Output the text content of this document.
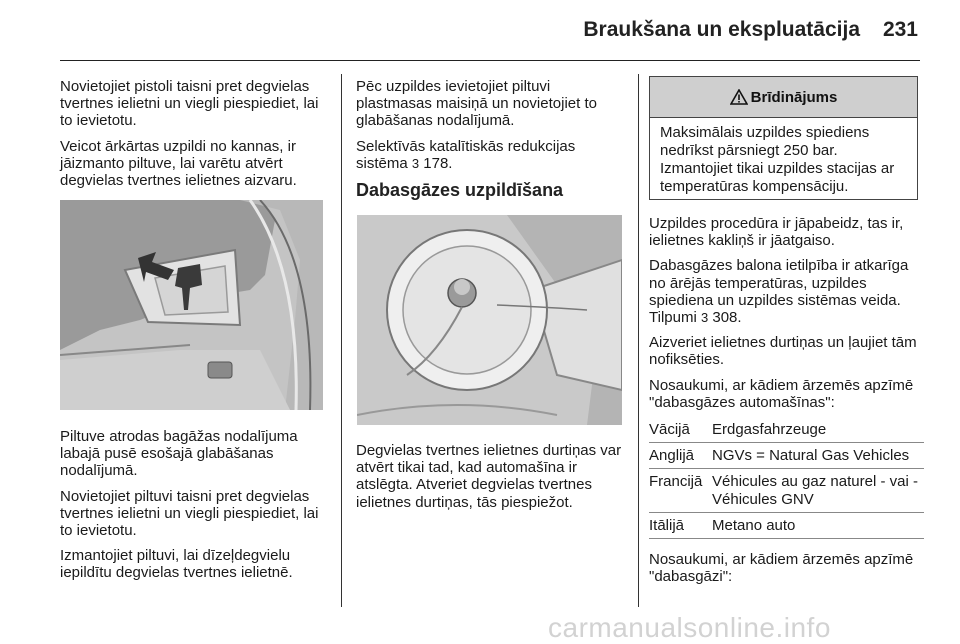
Braukšana un ekspluatācija	231

Novietojiet pistoli taisni pret degvielas tvertnes ielietni un viegli piespiediet, lai to ievietotu.

Veicot ārkārtas uzpildi no kannas, ir jāizmanto piltuve, lai varētu atvērt degvielas tvertnes ielietnes aizvaru.

Piltuve atrodas bagāžas nodalījuma labajā pusē esošajā glabāšanas nodalījumā.

Novietojiet piltuvi taisni pret degvielas tvertnes ielietni un viegli piespiediet, lai to ievietotu.

Izmantojiet piltuvi, lai dīzeļdegvielu iepildītu degvielas tvertnes ielietnē.

Pēc uzpildes ievietojiet piltuvi plastmasas maisiņā un novietojiet to glabāšanas nodalījumā.

Selektīvās katalītiskās redukcijas sistēma 3 178.

Dabasgāzes uzpildīšana

Degvielas tvertnes ielietnes durtiņas var atvērt tikai tad, kad automašīna ir atslēgta. Atveriet degvielas tvertnes ielietnes durtiņas, tās piespiežot.

Brīdinājums
Maksimālais uzpildes spiediens nedrīkst pārsniegt 250 bar.
Izmantojiet tikai uzpildes stacijas ar temperatūras kompensāciju.

Uzpildes procedūra ir jāpabeidz, tas ir, ielietnes kakliņš ir jāatgaiso.

Dabasgāzes balona ietilpība ir atkarīga no ārējās temperatūras, uzpildes spiediena un uzpildes sistēmas veida. Tilpumi 3 308.

Aizveriet ielietnes durtiņas un ļaujiet tām nofiksēties.

Nosaukumi, ar kādiem ārzemēs apzīmē "dabasgāzes automašīnas":

Vācijā	Erdgasfahrzeuge
Anglijā	NGVs = Natural Gas Vehicles
Francijā Véhicules au gaz naturel - vai - Véhicules GNV
Itālijā	Metano auto

Nosaukumi, ar kādiem ārzemēs apzīmē "dabasgāzi":

carmanualsonline.info
